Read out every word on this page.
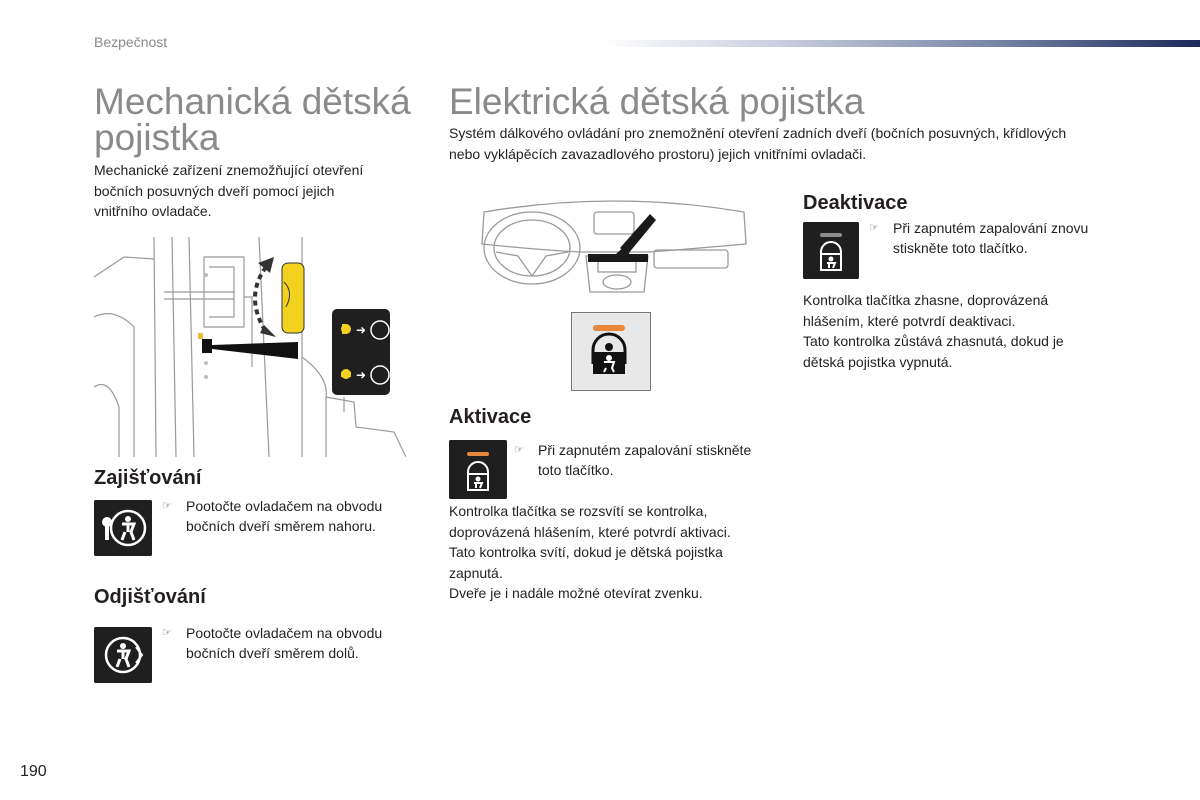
Bezpečnost
Mechanická dětská
pojistka

Mechanické zařízení znemožňující otevření

bočních posuvných dveří pomocí jejich

vnitřního ovladače.

➜
➜
Zajišťování
☞ Pootočte ovladačem na obvodu
bočních dveří směrem nahoru.
Odjišťování
☞ Pootočte ovladačem na obvodu
bočních dveří směrem dolů.
Elektrická dětská pojistka

Systém dálkového ovládání pro znemožnění otevření zadních dveří (bočních posuvných, křídlových

nebo vyklápěcích zavazadlového prostoru) jejich vnitřními ovladači.

Aktivace
☞ Při zapnutém zapalování stiskněte
toto tlačítko.

Kontrolka tlačítka se rozsvítí se kontrolka,

doprovázená hlášením, které potvrdí aktivaci.

Tato kontrolka svítí, dokud je dětská pojistka

zapnutá.

Dveře je i nadále možné otevírat zvenku.

Deaktivace
☞ Při zapnutém zapalování znovu
stiskněte toto tlačítko.

Kontrolka tlačítka zhasne, doprovázená

hlášením, které potvrdí deaktivaci.

Tato kontrolka zůstává zhasnutá, dokud je

dětská pojistka vypnutá.

190
